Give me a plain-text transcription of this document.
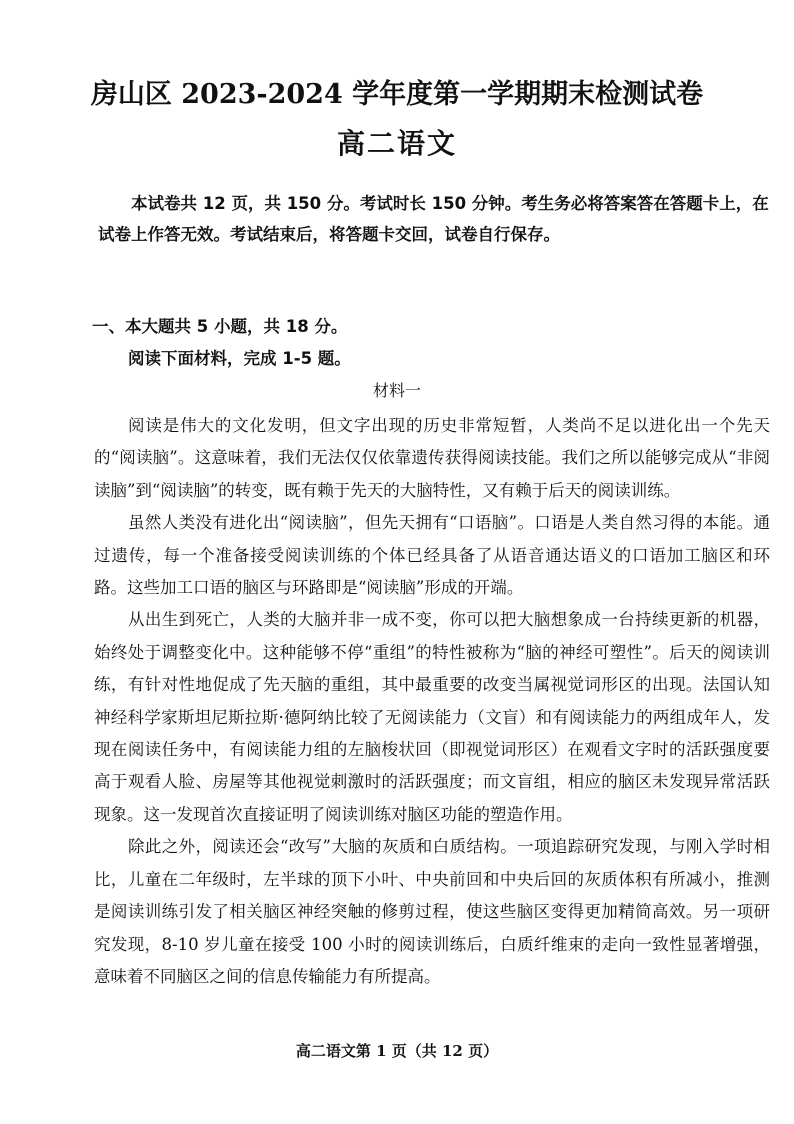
房山区 2023-2024 学年度第一学期期末检测试卷
高二语文

本试卷共 12 页，共 150 分。考试时长 150 分钟。考生务必将答案答在答题卡上，在试卷上作答无效。考试结束后，将答题卡交回，试卷自行保存。

一、本大题共 5 小题，共 18 分。

阅读下面材料，完成 1-5 题。

材料一

阅读是伟大的文化发明，但文字出现的历史非常短暂，人类尚不足以进化出一个先天的“阅读脑”。这意味着，我们无法仅仅依靠遗传获得阅读技能。我们之所以能够完成从“非阅读脑”到“阅读脑”的转变，既有赖于先天的大脑特性，又有赖于后天的阅读训练。

虽然人类没有进化出“阅读脑”，但先天拥有“口语脑”。口语是人类自然习得的本能。通过遗传，每一个准备接受阅读训练的个体已经具备了从语音通达语义的口语加工脑区和环路。这些加工口语的脑区与环路即是“阅读脑”形成的开端。

从出生到死亡，人类的大脑并非一成不变，你可以把大脑想象成一台持续更新的机器，始终处于调整变化中。这种能够不停“重组”的特性被称为“脑的神经可塑性”。后天的阅读训练，有针对性地促成了先天脑的重组，其中最重要的改变当属视觉词形区的出现。法国认知神经科学家斯坦尼斯拉斯·德阿纳比较了无阅读能力（文盲）和有阅读能力的两组成年人，发现在阅读任务中，有阅读能力组的左脑梭状回（即视觉词形区）在观看文字时的活跃强度要高于观看人脸、房屋等其他视觉刺激时的活跃强度；而文盲组，相应的脑区未发现异常活跃现象。这一发现首次直接证明了阅读训练对脑区功能的塑造作用。

除此之外，阅读还会“改写”大脑的灰质和白质结构。一项追踪研究发现，与刚入学时相比，儿童在二年级时，左半球的顶下小叶、中央前回和中央后回的灰质体积有所减小，推测是阅读训练引发了相关脑区神经突触的修剪过程，使这些脑区变得更加精简高效。另一项研究发现，8-10 岁儿童在接受 100 小时的阅读训练后，白质纤维束的走向一致性显著增强，意味着不同脑区之间的信息传输能力有所提高。

高二语文第 1 页（共 12 页）
